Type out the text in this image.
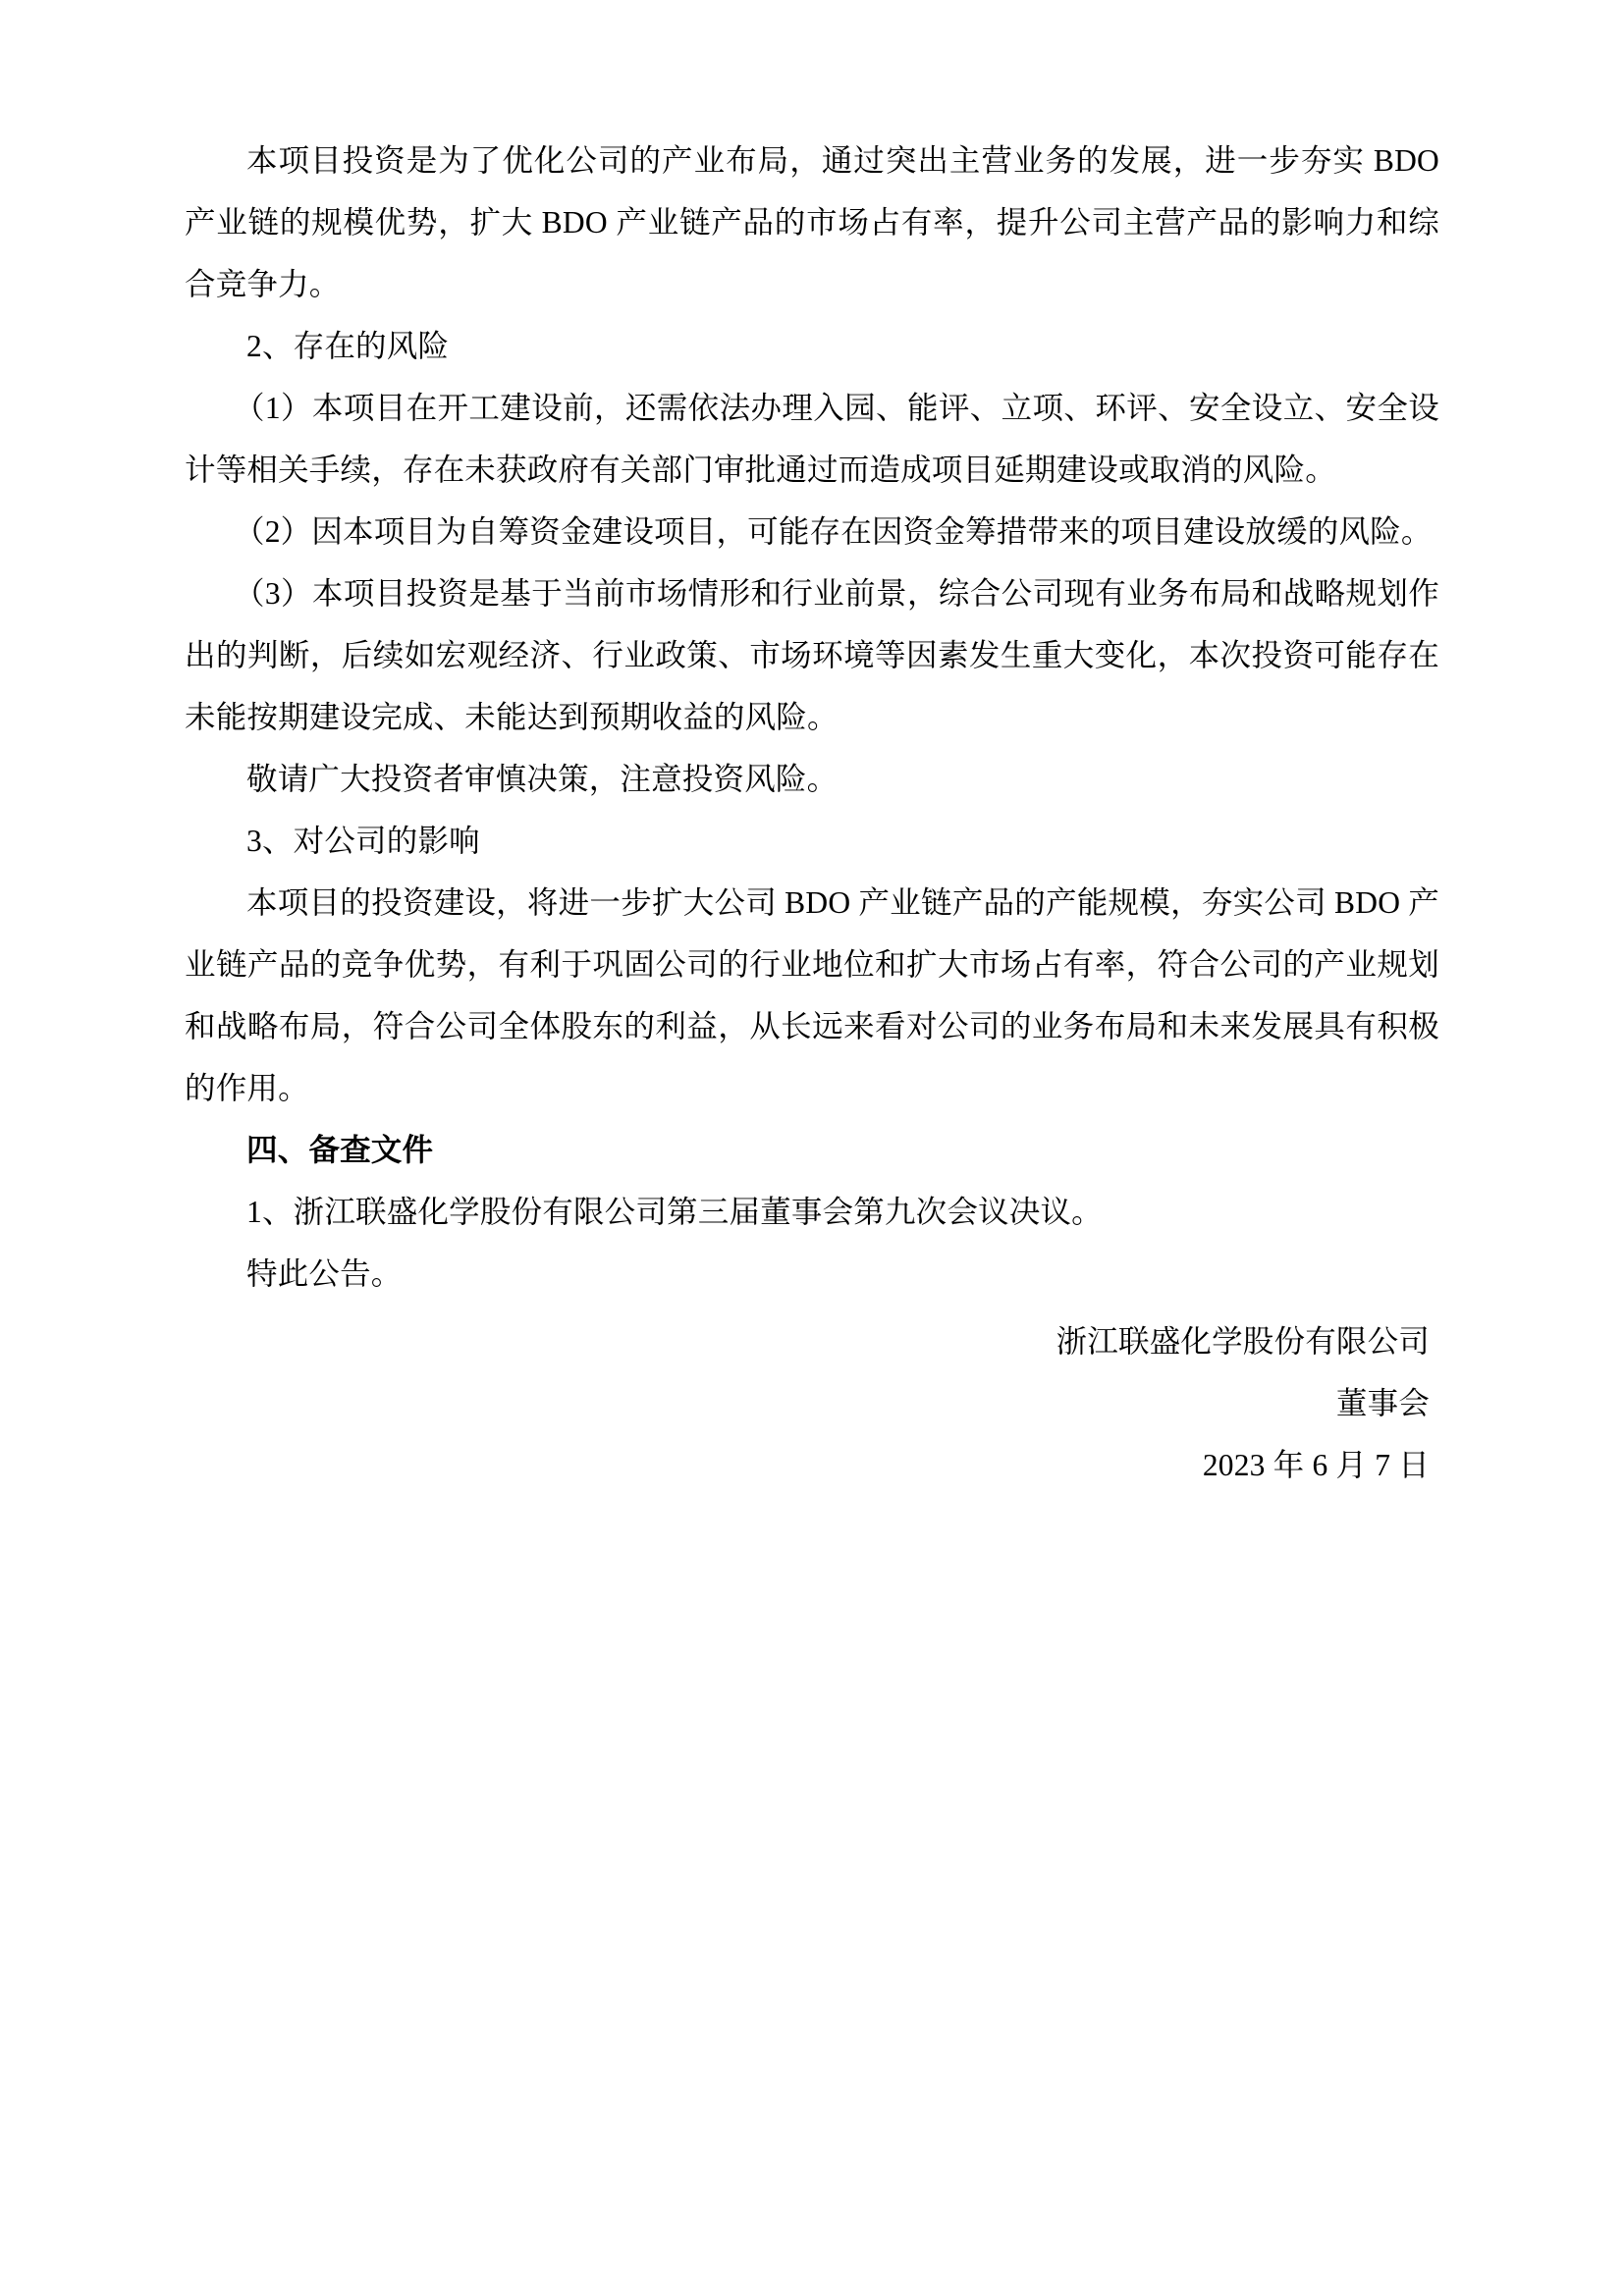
本项目投资是为了优化公司的产业布局，通过突出主营业务的发展，进一步夯实 BDO 产业链的规模优势，扩大 BDO 产业链产品的市场占有率，提升公司主营产品的影响力和综合竞争力。

2、存在的风险

（1）本项目在开工建设前，还需依法办理入园、能评、立项、环评、安全设立、安全设计等相关手续，存在未获政府有关部门审批通过而造成项目延期建设或取消的风险。

（2）因本项目为自筹资金建设项目，可能存在因资金筹措带来的项目建设放缓的风险。

（3）本项目投资是基于当前市场情形和行业前景，综合公司现有业务布局和战略规划作出的判断，后续如宏观经济、行业政策、市场环境等因素发生重大变化，本次投资可能存在未能按期建设完成、未能达到预期收益的风险。

敬请广大投资者审慎决策，注意投资风险。

3、对公司的影响

本项目的投资建设，将进一步扩大公司 BDO 产业链产品的产能规模，夯实公司 BDO 产业链产品的竞争优势，有利于巩固公司的行业地位和扩大市场占有率，符合公司的产业规划和战略布局，符合公司全体股东的利益，从长远来看对公司的业务布局和未来发展具有积极的作用。

四、备查文件

1、浙江联盛化学股份有限公司第三届董事会第九次会议决议。

特此公告。

浙江联盛化学股份有限公司

董事会

2023 年 6 月 7 日
